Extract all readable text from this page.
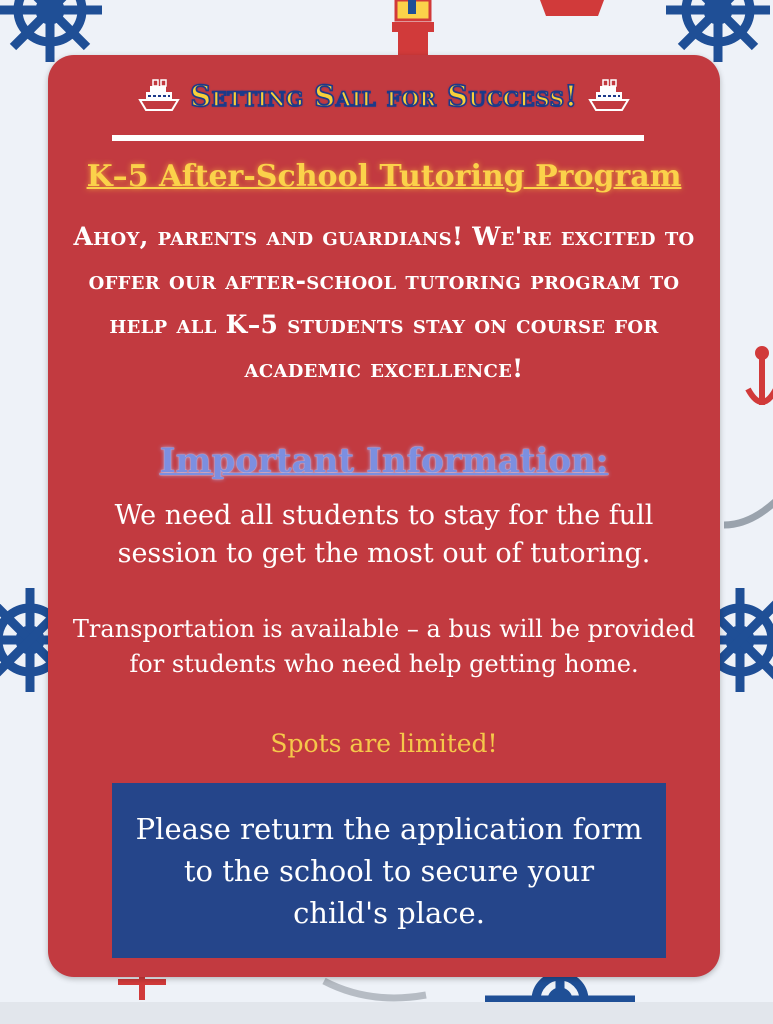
Setting Sail for Success!
K–5 After-School Tutoring Program
Ahoy, parents and guardians! We're excited to offer our after-school tutoring program to help all K–5 students stay on course for academic excellence!
Important Information:
We need all students to stay for the full session to get the most out of tutoring.
Transportation is available – a bus will be provided for students who need help getting home.
Spots are limited!
Please return the application form to the school to secure your child's place.
